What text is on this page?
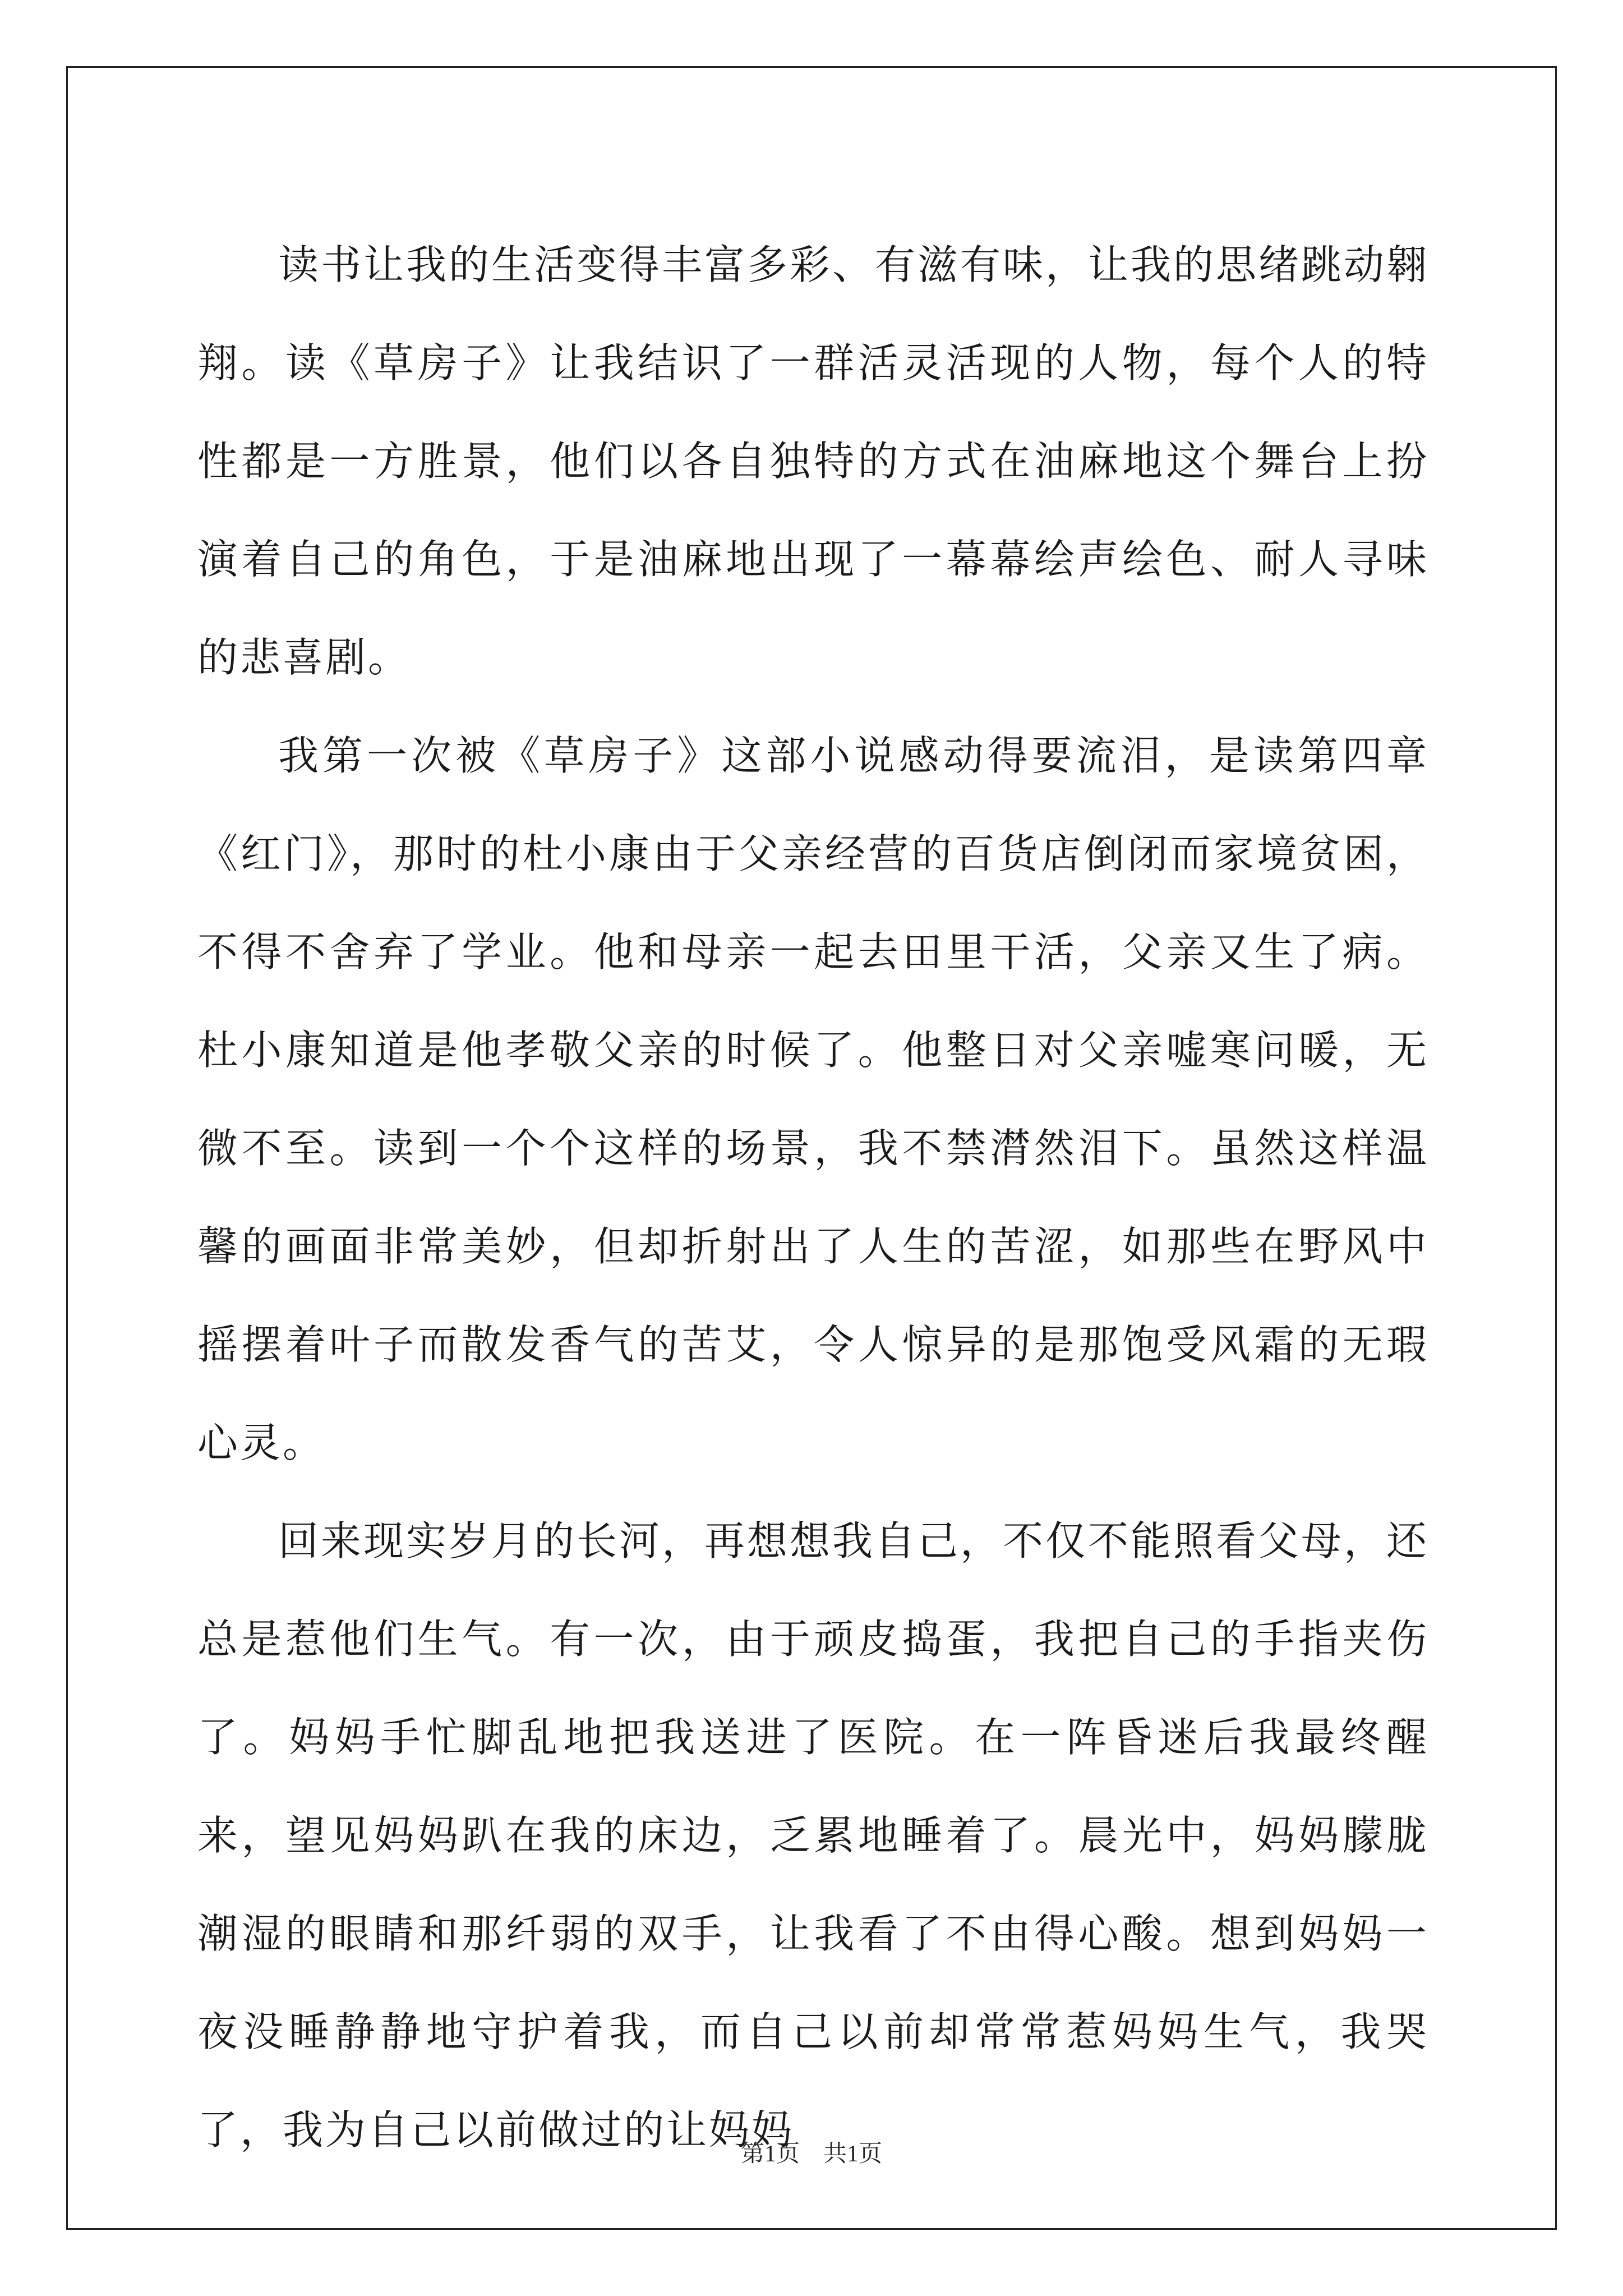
读书让我的生活变得丰富多彩、有滋有味，让我的思绪跳动翱翔。读《草房子》让我结识了一群活灵活现的人物，每个人的特性都是一方胜景，他们以各自独特的方式在油麻地这个舞台上扮演着自己的角色，于是油麻地出现了一幕幕绘声绘色、耐人寻味的悲喜剧。

我第一次被《草房子》这部小说感动得要流泪，是读第四章《红门》，那时的杜小康由于父亲经营的百货店倒闭而家境贫困，不得不舍弃了学业。他和母亲一起去田里干活，父亲又生了病。杜小康知道是他孝敬父亲的时候了。他整日对父亲嘘寒问暖，无微不至。读到一个个这样的场景，我不禁潸然泪下。虽然这样温馨的画面非常美妙，但却折射出了人生的苦涩，如那些在野风中摇摆着叶子而散发香气的苦艾，令人惊异的是那饱受风霜的无瑕心灵。

回来现实岁月的长河，再想想我自己，不仅不能照看父母，还总是惹他们生气。有一次，由于顽皮捣蛋，我把自己的手指夹伤了。妈妈手忙脚乱地把我送进了医院。在一阵昏迷后我最终醒来，望见妈妈趴在我的床边，乏累地睡着了。晨光中，妈妈朦胧潮湿的眼睛和那纤弱的双手，让我看了不由得心酸。想到妈妈一夜没睡静静地守护着我，而自己以前却常常惹妈妈生气，我哭了，我为自己以前做过的让妈妈

第1页　共1页
